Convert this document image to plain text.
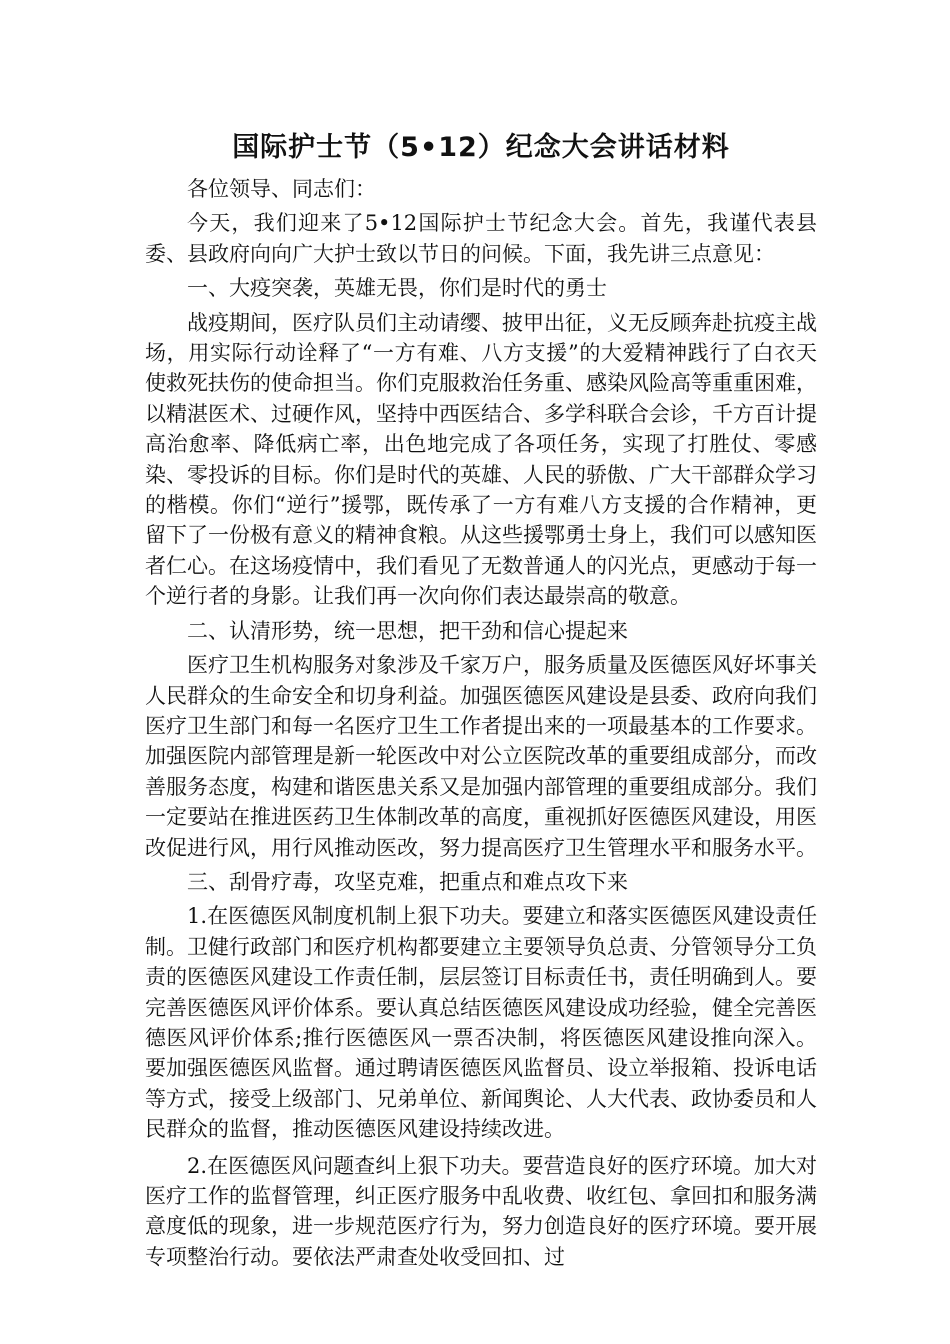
国际护士节（5•12）纪念大会讲话材料

各位领导、同志们：

今天，我们迎来了5•12国际护士节纪念大会。首先，我谨代表县委、县政府向向广大护士致以节日的问候。下面，我先讲三点意见：

一、大疫突袭，英雄无畏，你们是时代的勇士

战疫期间，医疗队员们主动请缨、披甲出征，义无反顾奔赴抗疫主战场，用实际行动诠释了“一方有难、八方支援”的大爱精神践行了白衣天使救死扶伤的使命担当。你们克服救治任务重、感染风险高等重重困难，以精湛医术、过硬作风，坚持中西医结合、多学科联合会诊，千方百计提高治愈率、降低病亡率，出色地完成了各项任务，实现了打胜仗、零感染、零投诉的目标。你们是时代的英雄、人民的骄傲、广大干部群众学习的楷模。你们“逆行”援鄂，既传承了一方有难八方支援的合作精神，更留下了一份极有意义的精神食粮。从这些援鄂勇士身上，我们可以感知医者仁心。在这场疫情中，我们看见了无数普通人的闪光点，更感动于每一个逆行者的身影。让我们再一次向你们表达最崇高的敬意。

二、认清形势，统一思想，把干劲和信心提起来

医疗卫生机构服务对象涉及千家万户，服务质量及医德医风好坏事关人民群众的生命安全和切身利益。加强医德医风建设是县委、政府向我们医疗卫生部门和每一名医疗卫生工作者提出来的一项最基本的工作要求。加强医院内部管理是新一轮医改中对公立医院改革的重要组成部分，而改善服务态度，构建和谐医患关系又是加强内部管理的重要组成部分。我们一定要站在推进医药卫生体制改革的高度，重视抓好医德医风建设，用医改促进行风，用行风推动医改，努力提高医疗卫生管理水平和服务水平。

三、刮骨疗毒，攻坚克难，把重点和难点攻下来

1.在医德医风制度机制上狠下功夫。要建立和落实医德医风建设责任制。卫健行政部门和医疗机构都要建立主要领导负总责、分管领导分工负责的医德医风建设工作责任制，层层签订目标责任书，责任明确到人。要完善医德医风评价体系。要认真总结医德医风建设成功经验，健全完善医德医风评价体系;推行医德医风一票否决制，将医德医风建设推向深入。要加强医德医风监督。通过聘请医德医风监督员、设立举报箱、投诉电话等方式，接受上级部门、兄弟单位、新闻舆论、人大代表、政协委员和人民群众的监督，推动医德医风建设持续改进。

2.在医德医风问题查纠上狠下功夫。要营造良好的医疗环境。加大对医疗工作的监督管理，纠正医疗服务中乱收费、收红包、拿回扣和服务满意度低的现象，进一步规范医疗行为，努力创造良好的医疗环境。要开展专项整治行动。要依法严肃查处收受回扣、过
